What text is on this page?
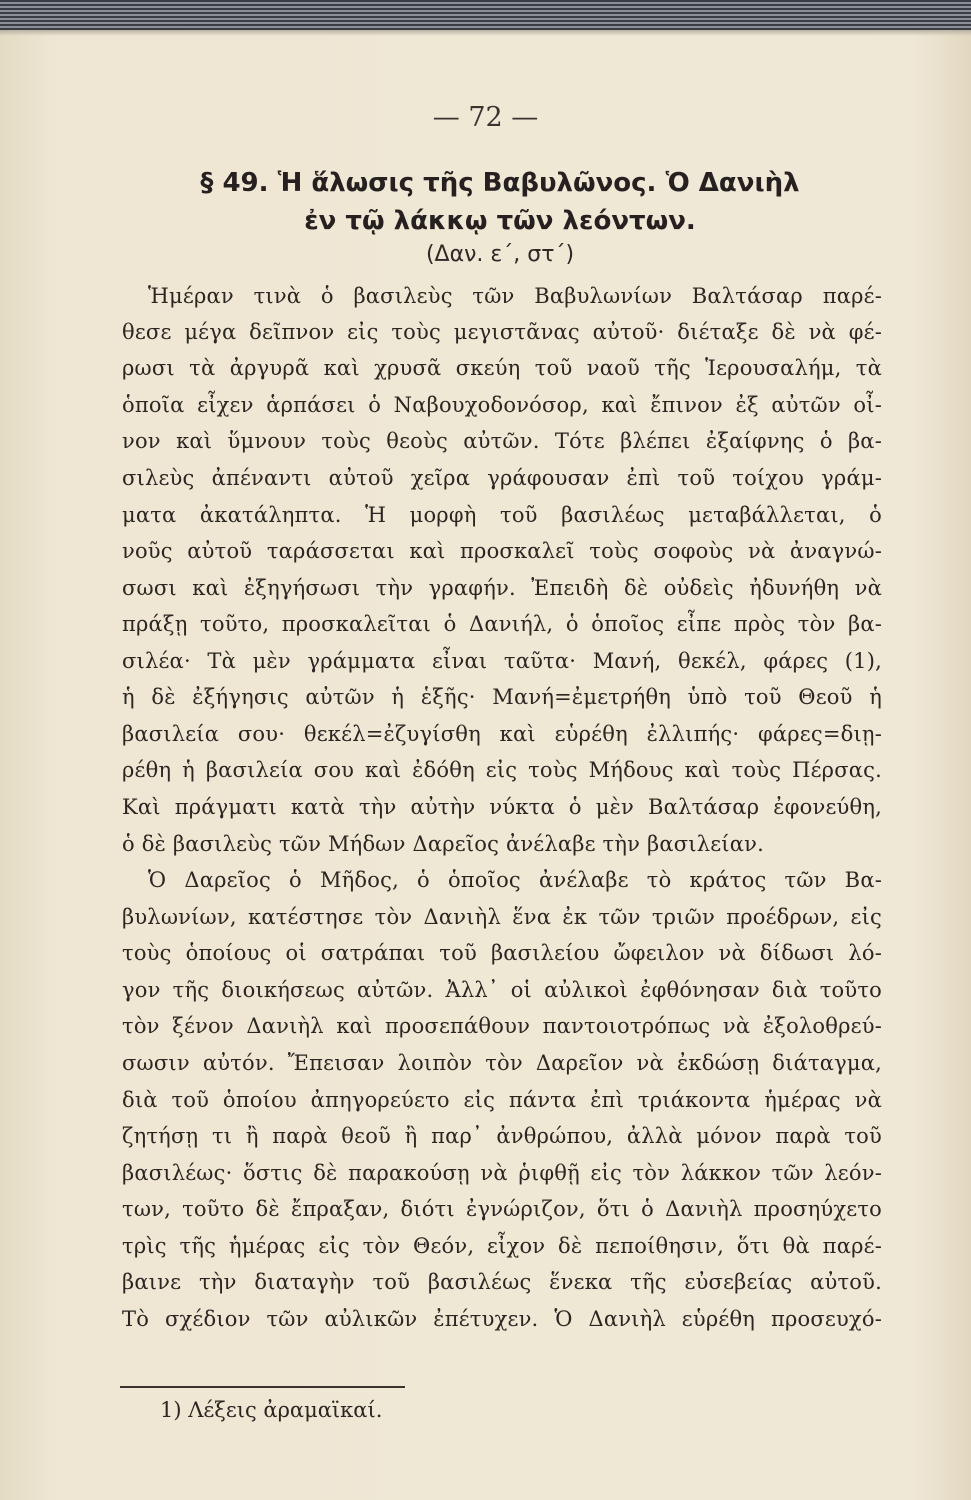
— 72 —
§ 49. Ἡ ἅλωσις τῆς Βαβυλῶνος. Ὁ Δανιὴλ
ἐν τῷ λάκκῳ τῶν λεόντων.
(Δαν. ε΄, στ΄)
Ἡμέραν τινὰ ὁ βασιλεὺς τῶν Βαβυλωνίων Βαλτάσαρ παρέ-
θεσε μέγα δεῖπνον εἰς τοὺς μεγιστᾶνας αὐτοῦ· διέταξε δὲ νὰ φέ-
ρωσι τὰ ἀργυρᾶ καὶ χρυσᾶ σκεύη τοῦ ναοῦ τῆς Ἱερουσαλήμ, τὰ
ὁποῖα εἶχεν ἁρπάσει ὁ Ναβουχοδονόσορ, καὶ ἔπινον ἐξ αὐτῶν οἶ-
νον καὶ ὕμνουν τοὺς θεοὺς αὐτῶν. Τότε βλέπει ἐξαίφνης ὁ βα-
σιλεὺς ἀπέναντι αὐτοῦ χεῖρα γράφουσαν ἐπὶ τοῦ τοίχου γράμ-
ματα ἀκατάληπτα. Ἡ μορφὴ τοῦ βασιλέως μεταβάλλεται, ὁ
νοῦς αὐτοῦ ταράσσεται καὶ προσκαλεῖ τοὺς σοφοὺς νὰ ἀναγνώ-
σωσι καὶ ἐξηγήσωσι τὴν γραφήν. Ἐπειδὴ δὲ οὐδεὶς ἠδυνήθη νὰ
πράξῃ τοῦτο, προσκαλεῖται ὁ Δανιήλ, ὁ ὁποῖος εἶπε πρὸς τὸν βα-
σιλέα· Τὰ μὲν γράμματα εἶναι ταῦτα· Μανή, θεκέλ, φάρες (1),
ἡ δὲ ἐξήγησις αὐτῶν ἡ ἑξῆς· Μανή=ἐμετρήθη ὑπὸ τοῦ Θεοῦ ἡ
βασιλεία σου· θεκέλ=ἐζυγίσθη καὶ εὑρέθη ἐλλιπής· φάρες=διῃ-
ρέθη ἡ βασιλεία σου καὶ ἐδόθη εἰς τοὺς Μήδους καὶ τοὺς Πέρσας.
Καὶ πράγματι κατὰ τὴν αὐτὴν νύκτα ὁ μὲν Βαλτάσαρ ἐφονεύθη,
ὁ δὲ βασιλεὺς τῶν Μήδων Δαρεῖος ἀνέλαβε τὴν βασιλείαν.
Ὁ Δαρεῖος ὁ Μῆδος, ὁ ὁποῖος ἀνέλαβε τὸ κράτος τῶν Βα-
βυλωνίων, κατέστησε τὸν Δανιὴλ ἕνα ἐκ τῶν τριῶν προέδρων, εἰς
τοὺς ὁποίους οἱ σατράπαι τοῦ βασιλείου ὤφειλον νὰ δίδωσι λό-
γον τῆς διοικήσεως αὐτῶν. Ἀλλ᾿ οἱ αὐλικοὶ ἐφθόνησαν διὰ τοῦτο
τὸν ξένον Δανιὴλ καὶ προσεπάθουν παντοιοτρόπως νὰ ἐξολοθρεύ-
σωσιν αὐτόν. Ἔπεισαν λοιπὸν τὸν Δαρεῖον νὰ ἐκδώσῃ διάταγμα,
διὰ τοῦ ὁποίου ἀπηγορεύετο εἰς πάντα ἐπὶ τριάκοντα ἡμέρας νὰ
ζητήσῃ τι ἢ παρὰ θεοῦ ἢ παρ᾿ ἀνθρώπου, ἀλλὰ μόνον παρὰ τοῦ
βασιλέως· ὅστις δὲ παρακούσῃ νὰ ῥιφθῇ εἰς τὸν λάκκον τῶν λεόν-
των, τοῦτο δὲ ἔπραξαν, διότι ἐγνώριζον, ὅτι ὁ Δανιὴλ προσηύχετο
τρὶς τῆς ἡμέρας εἰς τὸν Θεόν, εἶχον δὲ πεποίθησιν, ὅτι θὰ παρέ-
βαινε τὴν διαταγὴν τοῦ βασιλέως ἕνεκα τῆς εὐσεβείας αὐτοῦ.
Τὸ σχέδιον τῶν αὐλικῶν ἐπέτυχεν. Ὁ Δανιὴλ εὑρέθη προσευχό-
1) Λέξεις ἀραμαϊκαί.
